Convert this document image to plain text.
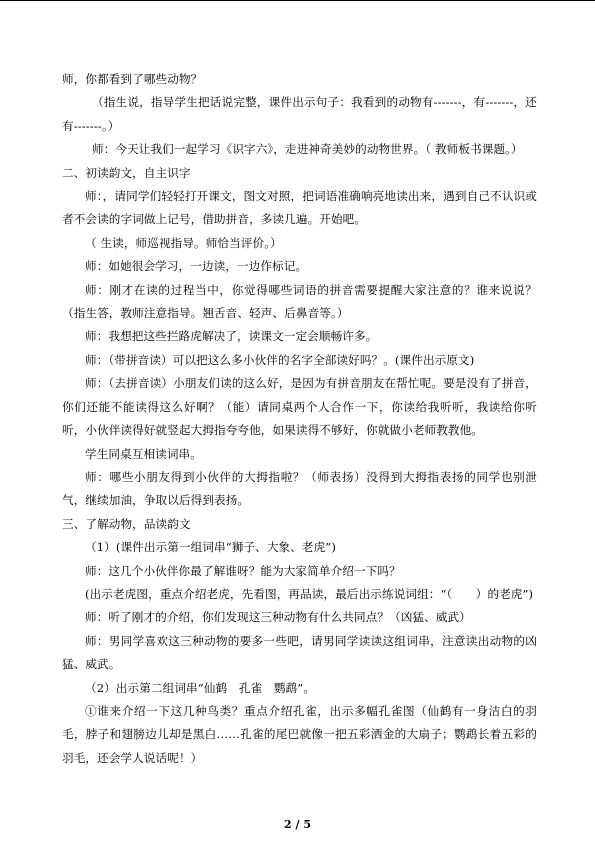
师，你都看到了哪些动物？

（指生说，指导学生把话说完整，课件出示句子：我看到的动物有-------，有-------，还有-------。）

师：今天让我们一起学习《识字六》，走进神奇美妙的动物世界。（ 教师板书课题。）

二、初读韵文，自主识字

师：，请同学们轻轻打开课文，图文对照，把词语准确响亮地读出来，遇到自己不认识或者不会读的字词做上记号，借助拼音，多读几遍。开始吧。

（ 生读，师巡视指导。师恰当评价。）

师：如她很会学习，一边读，一边作标记。

师：刚才在读的过程当中，你觉得哪些词语的拼音需要提醒大家注意的？谁来说说？（指生答，教师注意指导。翘舌音、轻声、后鼻音等。）

师：我想把这些拦路虎解决了，读课文一定会顺畅许多。

师：（带拼音读）可以把这么多小伙伴的名字全部读好吗？。(课件出示原文)

师：（去拼音读）小朋友们读的这么好，是因为有拼音朋友在帮忙呢。要是没有了拼音，你们还能不能读得这么好啊？（能）请同桌两个人合作一下，你读给我听听，我读给你听听，小伙伴读得好就竖起大拇指夸夸他，如果读得不够好，你就做小老师教教他。

学生同桌互相读词串。

师：哪些小朋友得到小伙伴的大拇指啦？（师表扬）没得到大拇指表扬的同学也别泄气，继续加油，争取以后得到表扬。

三、了解动物，品读韵文

（1）(课件出示第一组词串“狮子、大象、老虎”)

师：这几个小伙伴你最了解谁呀？能为大家简单介绍一下吗？

(出示老虎图，重点介绍老虎，先看图，再品读，最后出示练说词组：“（　　）的老虎”)

师：听了刚才的介绍，你们发现这三种动物有什么共同点？（凶猛、威武）

师：男同学喜欢这三种动物的要多一些吧，请男同学读读这组词串，注意读出动物的凶猛、威武。

（2）出示第二组词串“仙鹤　孔雀　鹦鹉”。

①谁来介绍一下这几种鸟类？重点介绍孔雀，出示多幅孔雀图（仙鹤有一身洁白的羽毛，脖子和翅膀边儿却是黑白……孔雀的尾巴就像一把五彩洒金的大扇子；鹦鹉长着五彩的羽毛，还会学人说话呢！）

2 / 5
